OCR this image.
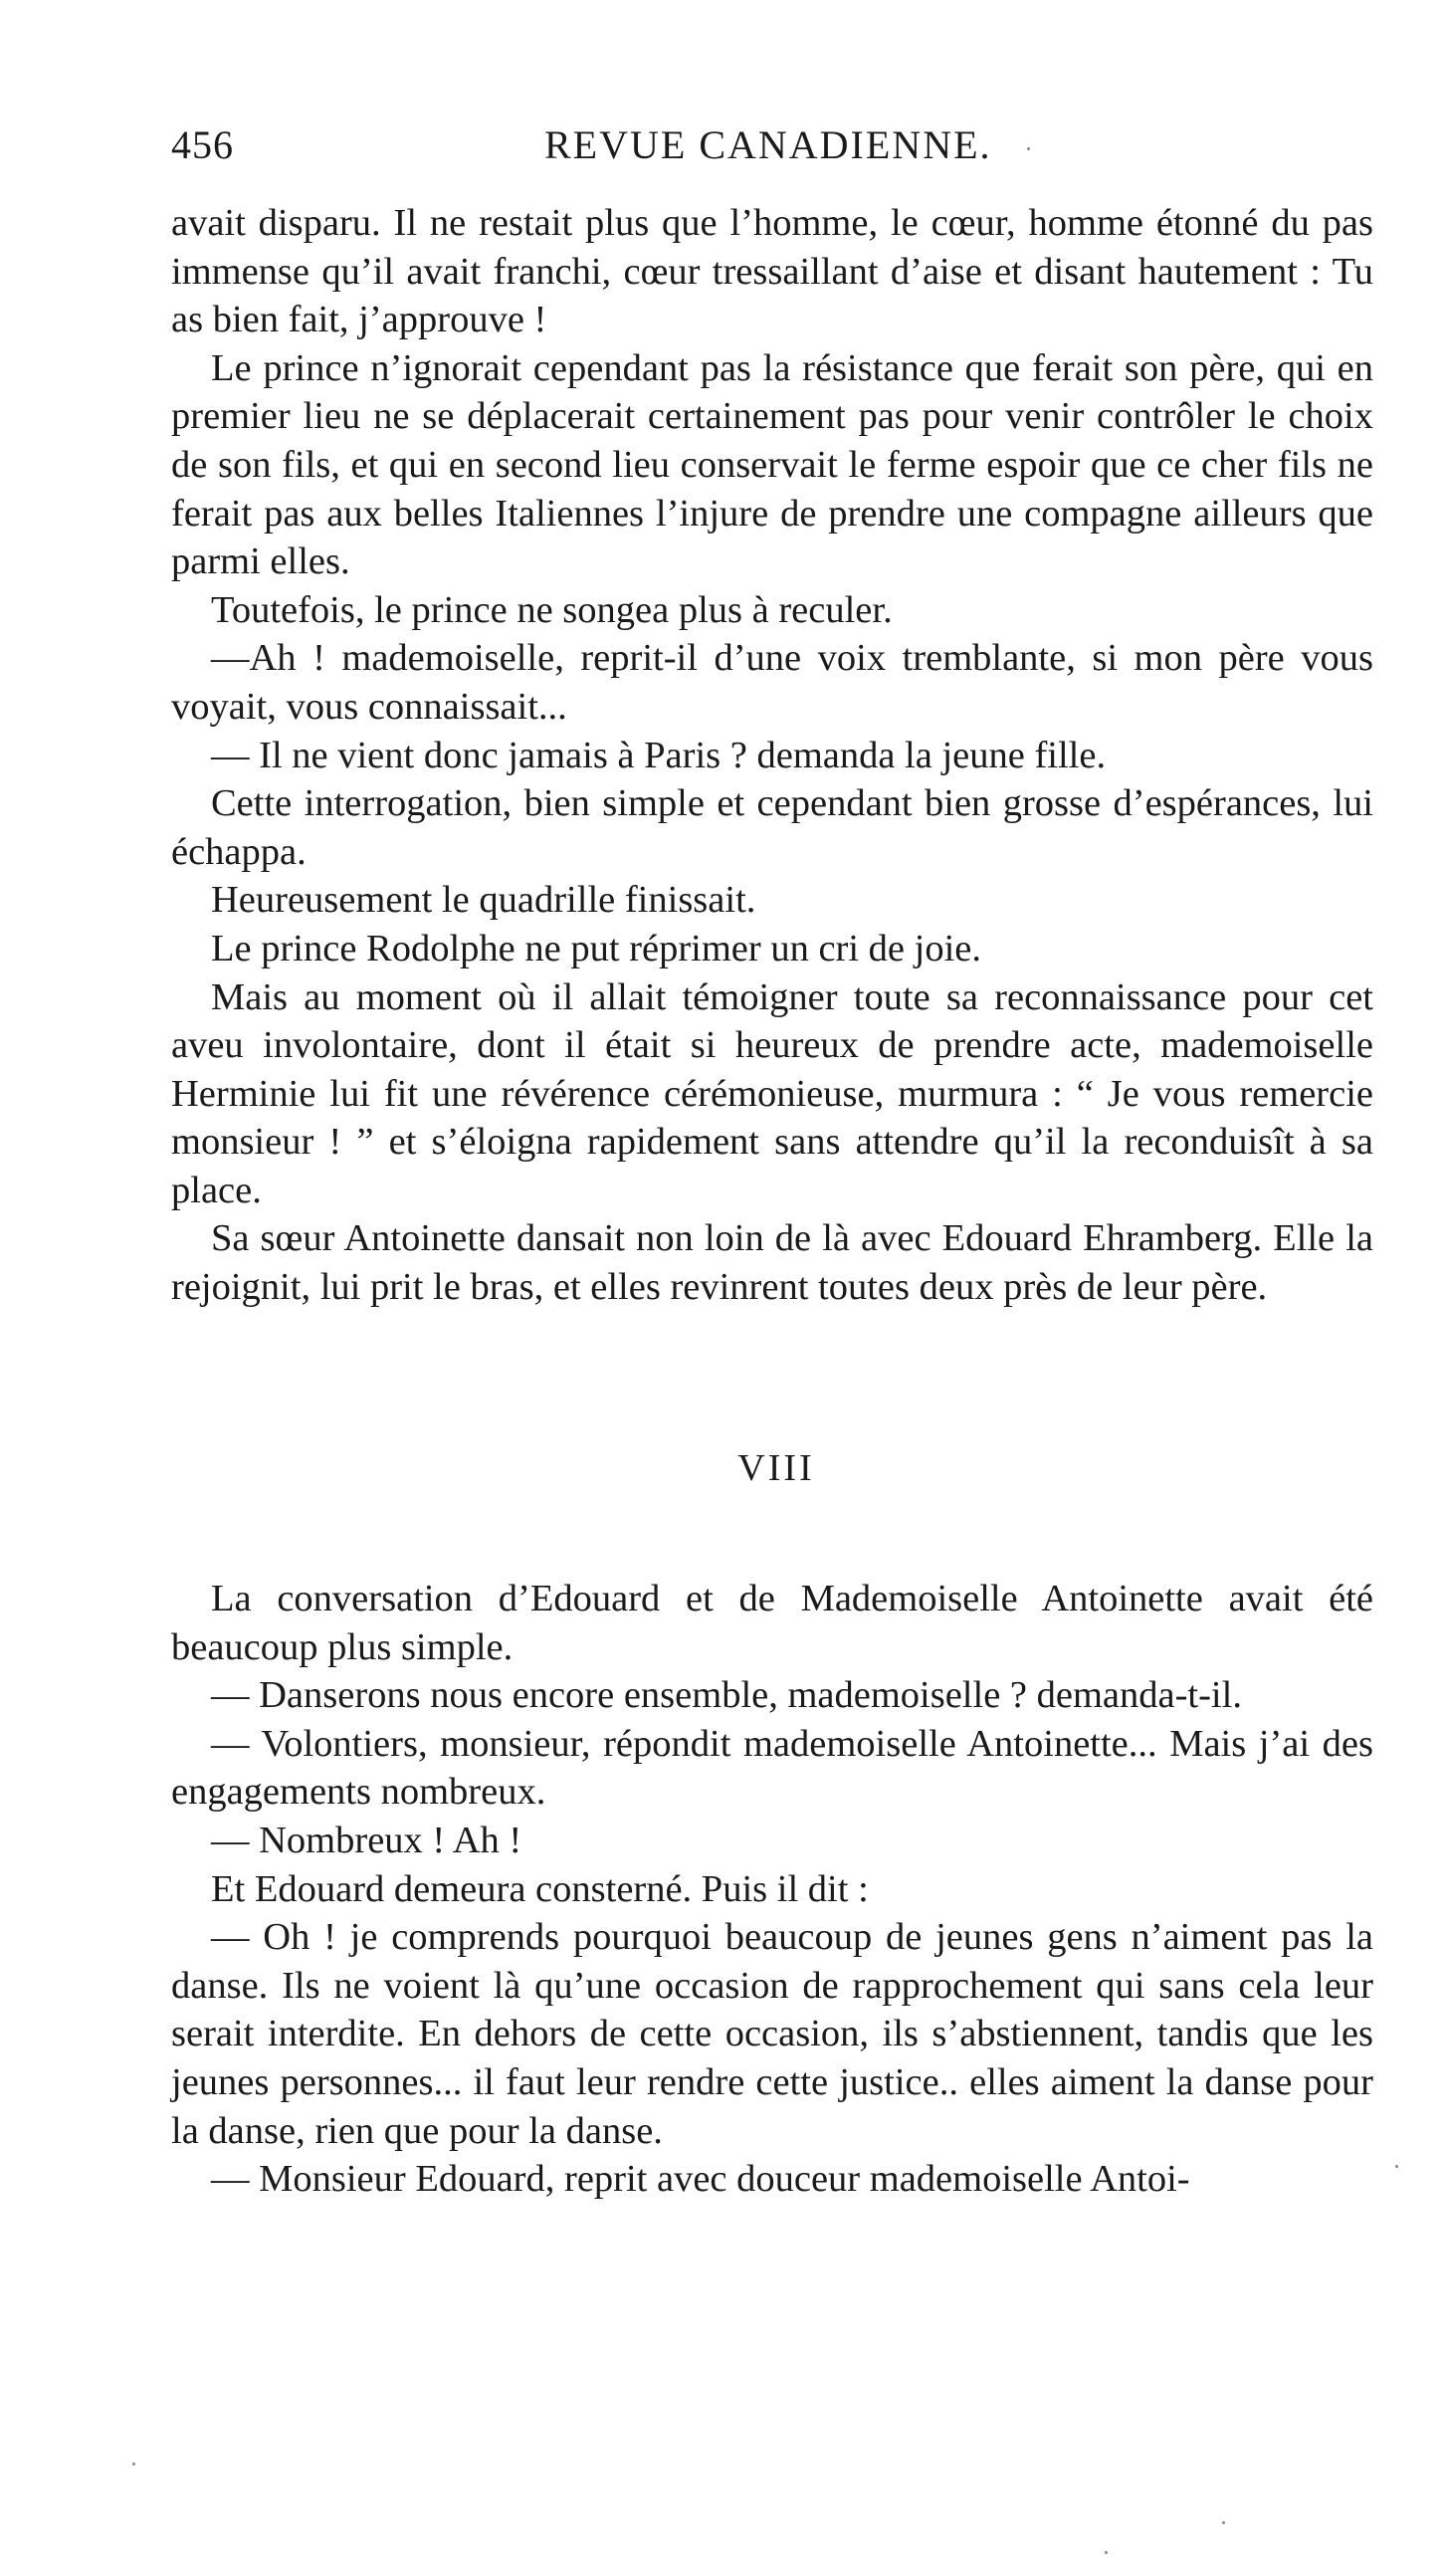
456	REVUE CANADIENNE.

avait disparu. Il ne restait plus que l’homme, le cœur, homme étonné du pas immense qu’il avait franchi, cœur tressaillant d’aise et disant hautement : Tu as bien fait, j’approuve !

Le prince n’ignorait cependant pas la résistance que ferait son père, qui en premier lieu ne se déplacerait certainement pas pour venir contrôler le choix de son fils, et qui en second lieu conservait le ferme espoir que ce cher fils ne ferait pas aux belles Italiennes l’injure de prendre une compagne ailleurs que parmi elles.

Toutefois, le prince ne songea plus à reculer.

—Ah ! mademoiselle, reprit-il d’une voix tremblante, si mon père vous voyait, vous connaissait...

— Il ne vient donc jamais à Paris ? demanda la jeune fille.

Cette interrogation, bien simple et cependant bien grosse d’espérances, lui échappa.

Heureusement le quadrille finissait.

Le prince Rodolphe ne put réprimer un cri de joie.

Mais au moment où il allait témoigner toute sa reconnaissance pour cet aveu involontaire, dont il était si heureux de prendre acte, mademoiselle Herminie lui fit une révérence cérémonieuse, murmura : “ Je vous remercie monsieur ! ” et s’éloigna rapidement sans attendre qu’il la reconduisît à sa place.

Sa sœur Antoinette dansait non loin de là avec Edouard Ehramberg. Elle la rejoignit, lui prit le bras, et elles revinrent toutes deux près de leur père.

VIII

La conversation d’Edouard et de Mademoiselle Antoinette avait été beaucoup plus simple.

— Danserons nous encore ensemble, mademoiselle ? demanda-t-il.

— Volontiers, monsieur, répondit mademoiselle Antoinette... Mais j’ai des engagements nombreux.

— Nombreux ! Ah !

Et Edouard demeura consterné. Puis il dit :

— Oh ! je comprends pourquoi beaucoup de jeunes gens n’aiment pas la danse. Ils ne voient là qu’une occasion de rapprochement qui sans cela leur serait interdite. En dehors de cette occasion, ils s’abstiennent, tandis que les jeunes personnes... il faut leur rendre cette justice.. elles aiment la danse pour la danse, rien que pour la danse.

— Monsieur Edouard, reprit avec douceur mademoiselle Antoi-
